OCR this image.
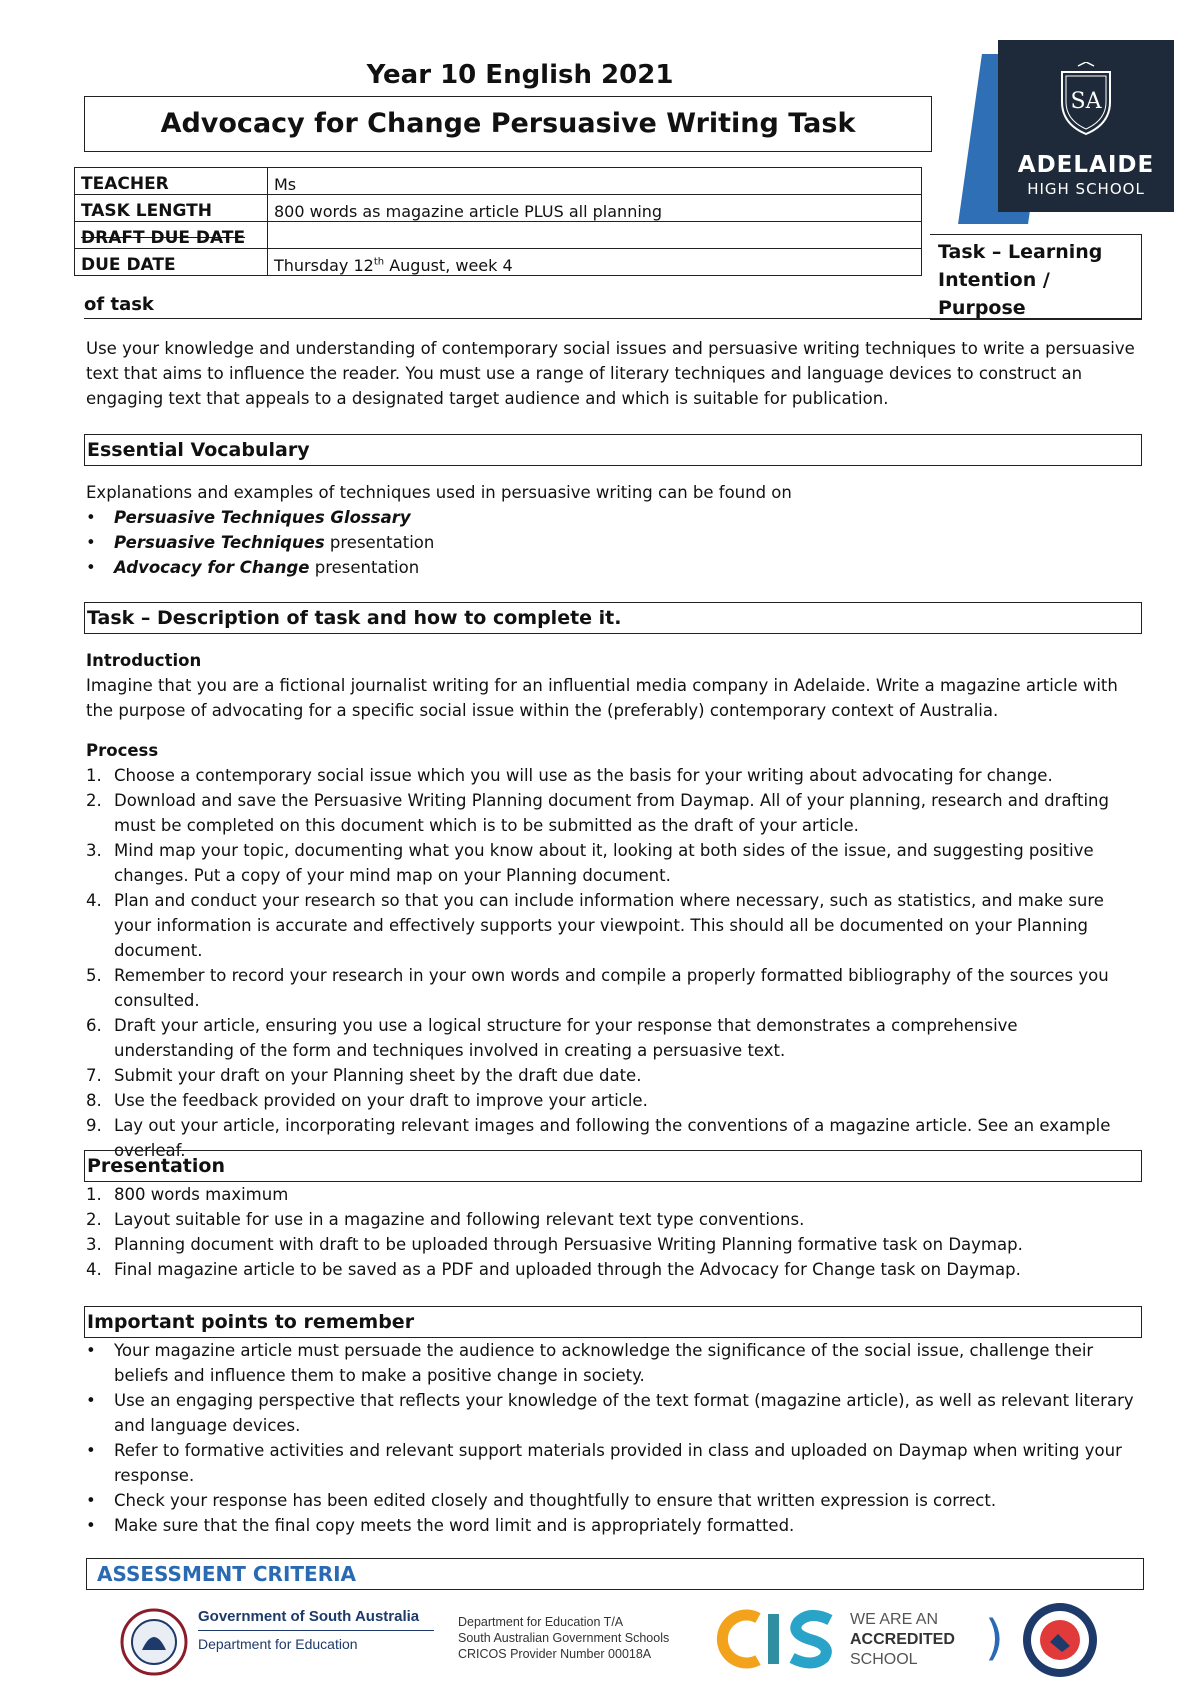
Year 10 English 2021
Advocacy for Change Persuasive Writing Task
SA
ADELAIDE
HIGH SCHOOL
TEACHER	Ms
TASK LENGTH	800 words as magazine article PLUS all planning
DRAFT DUE DATE	
DUE DATE	Thursday 12th August, week 4
Task – Learning Intention / Purpose
of task
Use your knowledge and understanding of contemporary social issues and persuasive writing techniques to write a persuasive text that aims to influence the reader. You must use a range of literary techniques and language devices to construct an engaging text that appeals to a designated target audience and which is suitable for publication.
Essential Vocabulary
Explanations and examples of techniques used in persuasive writing can be found on
• Persuasive Techniques Glossary
• Persuasive Techniques presentation
• Advocacy for Change presentation
Task – Description of task and how to complete it.
Introduction
Imagine that you are a fictional journalist writing for an influential media company in Adelaide. Write a magazine article with the purpose of advocating for a specific social issue within the (preferably) contemporary context of Australia.
Process
1. Choose a contemporary social issue which you will use as the basis for your writing about advocating for change.
2. Download and save the Persuasive Writing Planning document from Daymap. All of your planning, research and drafting must be completed on this document which is to be submitted as the draft of your article.
3. Mind map your topic, documenting what you know about it, looking at both sides of the issue, and suggesting positive changes. Put a copy of your mind map on your Planning document.
4. Plan and conduct your research so that you can include information where necessary, such as statistics, and make sure your information is accurate and effectively supports your viewpoint. This should all be documented on your Planning document.
5. Remember to record your research in your own words and compile a properly formatted bibliography of the sources you consulted.
6. Draft your article, ensuring you use a logical structure for your response that demonstrates a comprehensive understanding of the form and techniques involved in creating a persuasive text.
7. Submit your draft on your Planning sheet by the draft due date.
8. Use the feedback provided on your draft to improve your article.
9. Lay out your article, incorporating relevant images and following the conventions of a magazine article. See an example overleaf.
Presentation
1. 800 words maximum
2. Layout suitable for use in a magazine and following relevant text type conventions.
3. Planning document with draft to be uploaded through Persuasive Writing Planning formative task on Daymap.
4. Final magazine article to be saved as a PDF and uploaded through the Advocacy for Change task on Daymap.
Important points to remember
• Your magazine article must persuade the audience to acknowledge the significance of the social issue, challenge their beliefs and influence them to make a positive change in society.
• Use an engaging perspective that reflects your knowledge of the text format (magazine article), as well as relevant literary and language devices.
• Refer to formative activities and relevant support materials provided in class and uploaded on Daymap when writing your response.
• Check your response has been edited closely and thoughtfully to ensure that written expression is correct.
• Make sure that the final copy meets the word limit and is appropriately formatted.
ASSESSMENT CRITERIA
Government of South Australia
Department for Education
Department for Education T/A
South Australian Government Schools
CRICOS Provider Number 00018A
WE ARE AN
ACCREDITED
SCHOOL	)
